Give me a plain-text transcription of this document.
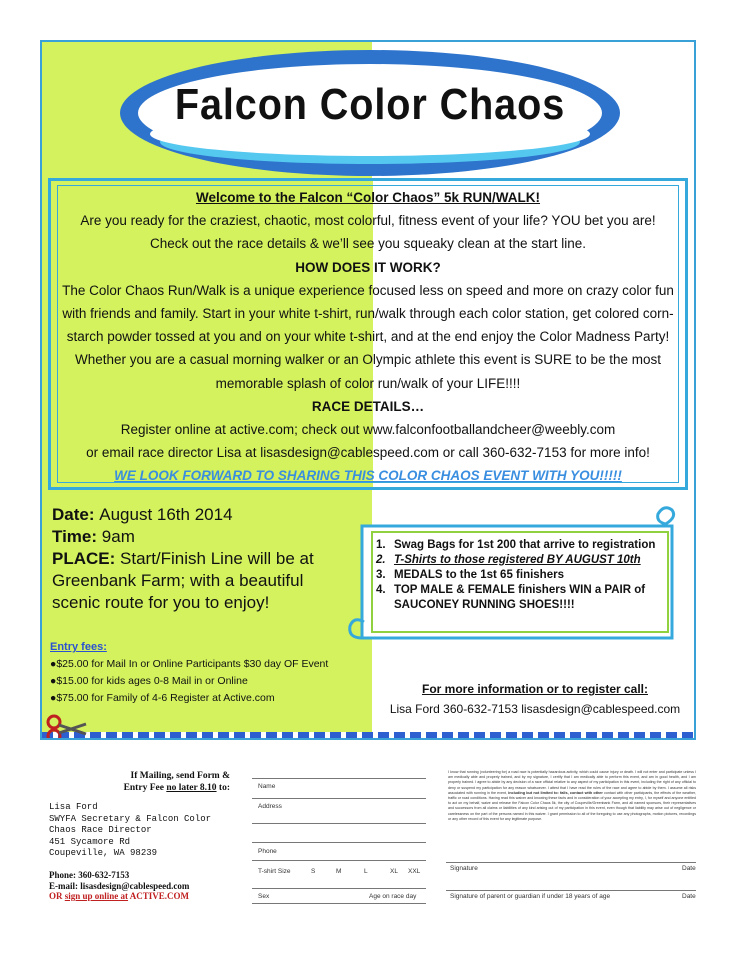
Falcon Color Chaos
Welcome to the Falcon “Color Chaos” 5k RUN/WALK!
Are you ready for the craziest, chaotic, most colorful, fitness event of your life? YOU bet you are! Check out the race details & we’ll see you squeaky clean at the start line.
HOW DOES IT WORK?
The Color Chaos Run/Walk is a unique experience focused less on speed and more on crazy color fun with friends and family. Start in your white t-shirt, run/walk through each color station, get colored corn-starch powder tossed at you and on your white t-shirt, and at the end enjoy the Color Madness Party! Whether you are a casual morning walker or an Olympic athlete this event is SURE to be the most memorable splash of color run/walk of your LIFE!!!!
RACE DETAILS…
Register online at active.com; check out www.falconfootballandcheer@weebly.com
or email race director Lisa at lisasdesign@cablespeed.com or call 360-632-7153 for more info!
WE LOOK FORWARD TO SHARING THIS COLOR CHAOS EVENT WITH YOU!!!!!
Date: August 16th 2014
Time: 9am
PLACE: Start/Finish Line will be at Greenbank Farm; with a beautiful scenic route for you to enjoy!
1. Swag Bags for 1st 200 that arrive to registration
2. T-Shirts to those registered BY AUGUST 10th
3. MEDALS to the 1st 65 finishers
4. TOP MALE & FEMALE finishers WIN a PAIR of SAUCONEY RUNNING SHOES!!!!
Entry fees:
●$25.00 for Mail In or Online Participants $30 day OF Event
●$15.00 for kids ages 0-8 Mail in or Online
●$75.00 for Family of 4-6 Register at Active.com
For more information or to register call:
Lisa Ford 360-632-7153 lisasdesign@cablespeed.com
If Mailing, send Form &
Entry Fee no later 8.10 to:
Lisa Ford
SWYFA Secretary & Falcon Color
Chaos Race Director
451 Sycamore Rd
Coupeville, WA 98239
Phone: 360-632-7153
E-mail: lisasdesign@cablespeed.com
OR sign up online at ACTIVE.COM
Name
Address
Phone
T-shirt Size	S	M	L	XL XXL
Sex	Age on race day
I know that running (volunteering for) a road race is potentially hazardous activity, which could cause injury or death. I will not enter and participate unless I am medically able and properly trained, and by my signature, I certify that I am medically able to perform this event, and am in good health, and I am properly trained. I agree to abide by any decision of a race official relative to any aspect of my participation in this event, including the right of any official to deny or suspend my participation for any reason whatsoever. I attest that I have read the rules of the race and agree to abide by them. I assume all risks associated with running in the event, including but not limited to: falls, contact with other contact with other participants, the effects of the weather, traffic or road conditions. Having read this waiver and knowing these facts and in consideration of your accepting my entry, I, for myself and anyone entitled to act on my behalf, waive and release the Falcon Color Chaos 5k, the city of Coupeville/Greenbank Farm, and all named sponsors, their representatives and successors from all claims or liabilities of any kind arising out of my participation in this event, even though that liability may arise out of negligence or carelessness on the part of the persons named in this waiver. I grant permission to all of the foregoing to use any photographs, motion pictures, recordings or any other record of this event for any legitimate purpose.
Signature	Date
Signature of parent or guardian if under 18 years of age	Date
